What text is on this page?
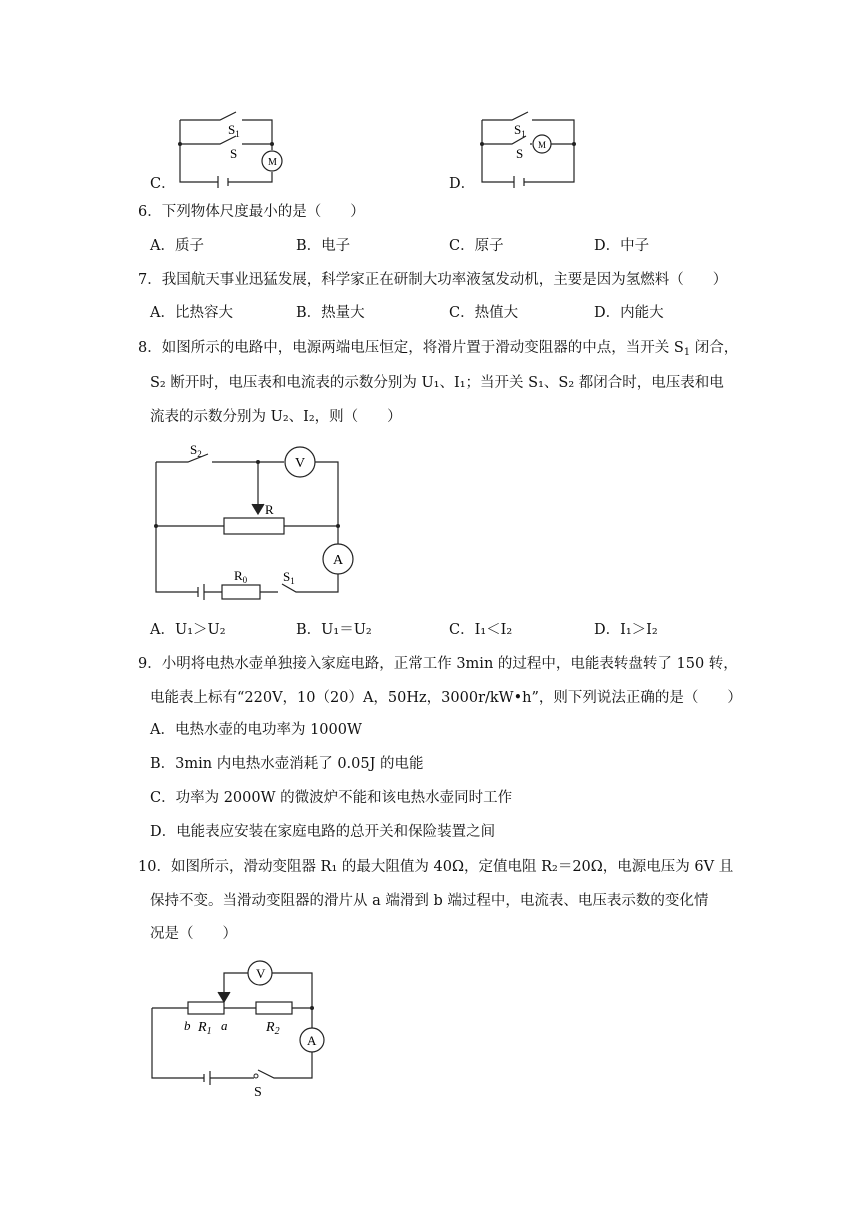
C．
$S_1$
S
M
D．
$S_1$
S
M
6．下列物体尺度最小的是（　　）
A．质子	B．电子	C．原子	D．中子
7．我国航天事业迅猛发展，科学家正在研制大功率液氢发动机，主要是因为氢燃料（　　）
A．比热容大	B．热量大	C．热值大	D．内能大
8．如图所示的电路中，电源两端电压恒定，将滑片置于滑动变阻器的中点，当开关 $S_1$ 闭合，
S₂ 断开时，电压表和电流表的示数分别为 U₁、I₁；当开关 S₁、S₂ 都闭合时，电压表和电
流表的示数分别为 U₂、I₂，则（　　）
$S_2$
V
R
A
$R_0$	$S_1$
A．U₁＞U₂	B．U₁＝U₂	C．I₁＜I₂	D．I₁＞I₂
9．小明将电热水壶单独接入家庭电路，正常工作 3min 的过程中，电能表转盘转了 150 转，
电能表上标有“220V，10（20）A，50Hz，3000r/kW•h”，则下列说法正确的是（　　）
A．电热水壶的电功率为 1000W
B．3min 内电热水壶消耗了 0.05J 的电能
C．功率为 2000W 的微波炉不能和该电热水壶同时工作
D．电能表应安装在家庭电路的总开关和保险装置之间
10．如图所示，滑动变阻器 R₁ 的最大阻值为 40Ω，定值电阻 R₂＝20Ω，电源电压为 6V 且
保持不变。当滑动变阻器的滑片从 a 端滑到 b 端过程中，电流表、电压表示数的变化情
况是（　　）
V
b $R_1$ a	$R_2$
A
S
